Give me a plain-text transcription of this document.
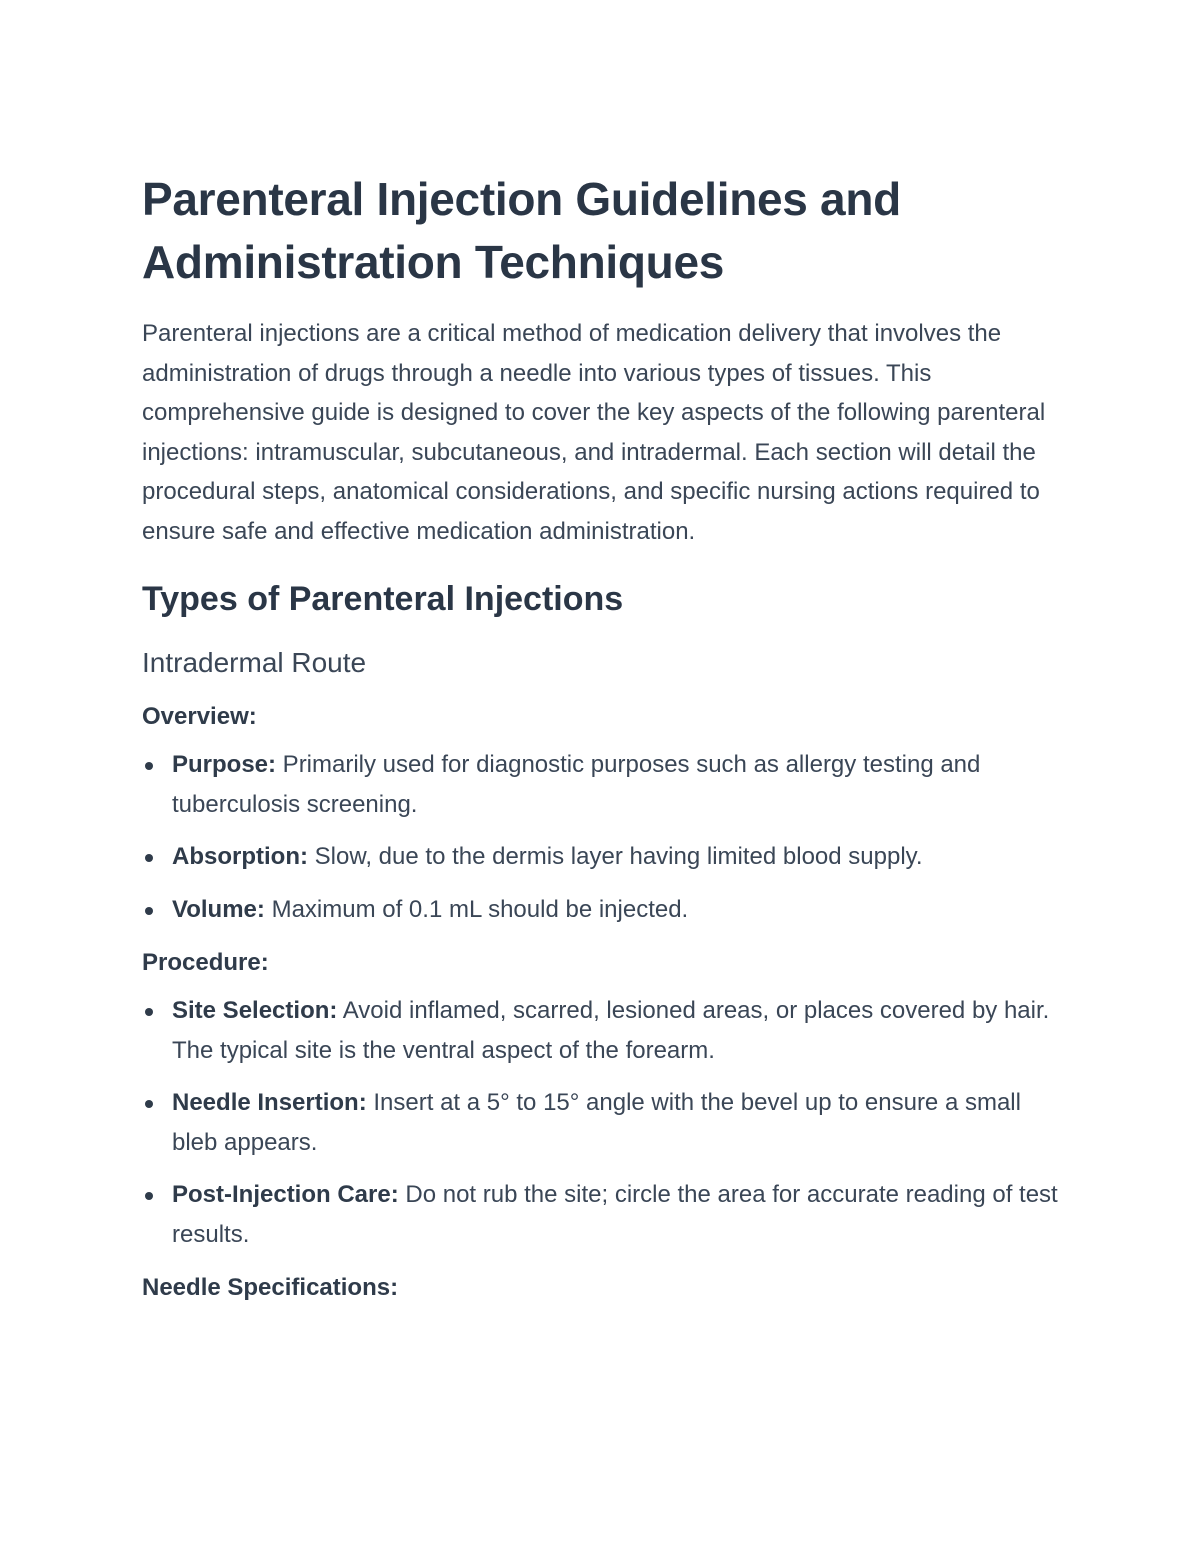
Parenteral Injection Guidelines and Administration Techniques

Parenteral injections are a critical method of medication delivery that involves the administration of drugs through a needle into various types of tissues. This comprehensive guide is designed to cover the key aspects of the following parenteral injections: intramuscular, subcutaneous, and intradermal. Each section will detail the procedural steps, anatomical considerations, and specific nursing actions required to ensure safe and effective medication administration.

Types of Parenteral Injections
Intradermal Route
Overview:
Purpose: Primarily used for diagnostic purposes such as allergy testing and tuberculosis screening.
Absorption: Slow, due to the dermis layer having limited blood supply.
Volume: Maximum of 0.1 mL should be injected.
Procedure:
Site Selection: Avoid inflamed, scarred, lesioned areas, or places covered by hair. The typical site is the ventral aspect of the forearm.
Needle Insertion: Insert at a 5° to 15° angle with the bevel up to ensure a small bleb appears.
Post-Injection Care: Do not rub the site; circle the area for accurate reading of test results.
Needle Specifications:
